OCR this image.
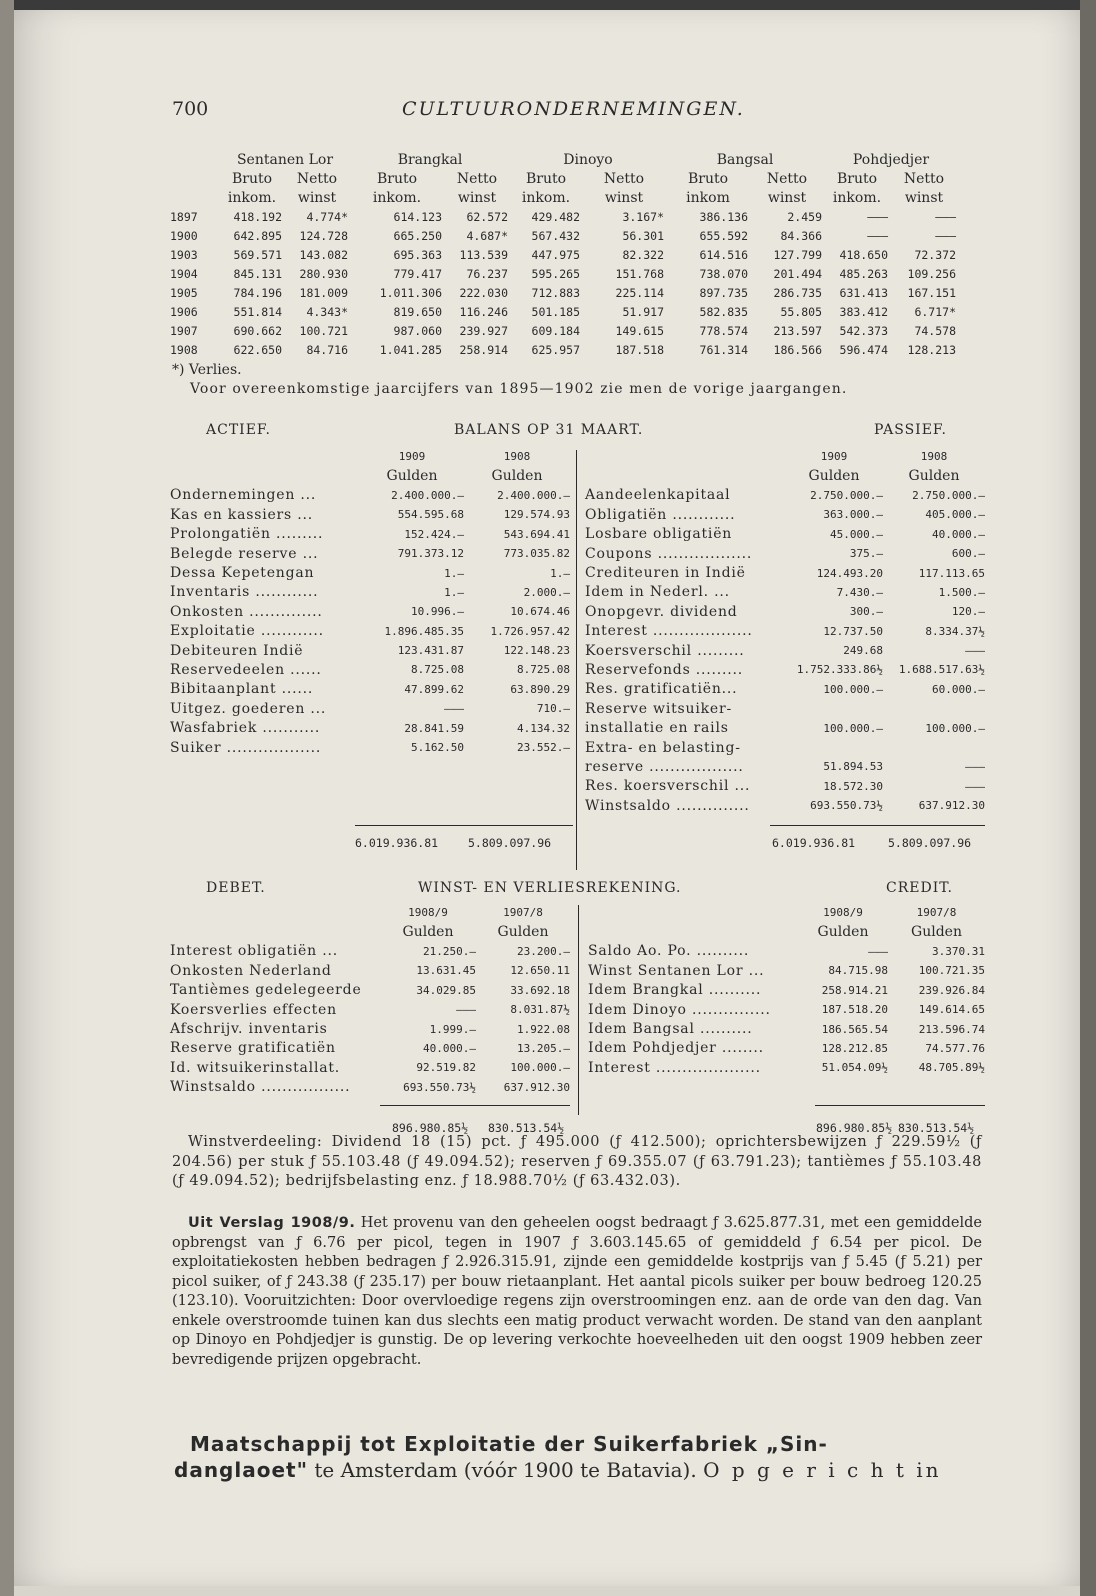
700	CULTUURONDERNEMINGEN.
	Sentanen Lor		Brangkal		Dinoyo		Bangsal		Pohdjedjer	
	Bruto	Netto	Bruto	Netto	Bruto	Netto	Bruto	Netto	Bruto	Netto
	inkom.	winst	inkom.	winst	inkom.	winst	inkom	winst	inkom.	winst
1897	418.192	4.774*	614.123	62.572	429.482	3.167*	386.136	2.459	———	———
1900	642.895	124.728	665.250	4.687*	567.432	56.301	655.592	84.366	———	———
1903	569.571	143.082	695.363	113.539	447.975	82.322	614.516	127.799	418.650	72.372
1904	845.131	280.930	779.417	76.237	595.265	151.768	738.070	201.494	485.263	109.256
1905	784.196	181.009	1.011.306	222.030	712.883	225.114	897.735	286.735	631.413	167.151
1906	551.814	4.343*	819.650	116.246	501.185	51.917	582.835	55.805	383.412	6.717*
1907	690.662	100.721	987.060	239.927	609.184	149.615	778.574	213.597	542.373	74.578
1908	622.650	84.716	1.041.285	258.914	625.957	187.518	761.314	186.566	596.474	128.213
*) Verlies.
Voor overeenkomstige jaarcijfers van 1895—1902 zie men de vorige jaargangen.
ACTIEF.	BALANS OP 31 MAART.	PASSIEF.
	1909	1908
	Gulden	Gulden
Ondernemingen ...	2.400.000.—	2.400.000.—
Kas en kassiers ...	554.595.68	129.574.93
Prolongatiën .........	152.424.—	543.694.41
Belegde reserve ...	791.373.12	773.035.82
Dessa Kepetengan	1.—	1.—
Inventaris ............	1.—	2.000.—
Onkosten ..............	10.996.—	10.674.46
Exploitatie ............	1.896.485.35	1.726.957.42
Debiteuren Indië	123.431.87	122.148.23
Reservedeelen ......	8.725.08	8.725.08
Bibitaanplant ......	47.899.62	63.890.29
Uitgez. goederen ...	———	710.—
Wasfabriek ...........	28.841.59	4.134.32
Suiker ..................	5.162.50	23.552.—
	1909	1908
	Gulden	Gulden
Aandeelenkapitaal	2.750.000.—	2.750.000.—
Obligatiën ............	363.000.—	405.000.—
Losbare obligatiën	45.000.—	40.000.—
Coupons ..................	375.—	600.—
Crediteuren in Indië	124.493.20	117.113.65
Idem in Nederl. ...	7.430.—	1.500.—
Onopgevr. dividend	300.—	120.—
Interest ...................	12.737.50	8.334.37½
Koersverschil .........	249.68	———
Reservefonds .........	1.752.333.86½	1.688.517.63½
Res. gratificatiën...	100.000.—	60.000.—
Reserve witsuiker-		
installatie en rails	100.000.—	100.000.—
Extra- en belasting-		
reserve ..................	51.894.53	———
Res. koersverschil ...	18.572.30	———
Winstsaldo ..............	693.550.73½	637.912.30
6.019.936.81	5.809.097.96	6.019.936.81	5.809.097.96
DEBET.	WINST- EN VERLIESREKENING.	CREDIT.
	1908/9	1907/8
	Gulden	Gulden
Interest obligatiën ...	21.250.—	23.200.—
Onkosten Nederland	13.631.45	12.650.11
Tantièmes gedelegeerde	34.029.85	33.692.18
Koersverlies effecten	———	8.031.87½
Afschrijv. inventaris	1.999.—	1.922.08
Reserve gratificatiën	40.000.—	13.205.—
Id. witsuikerinstallat.	92.519.82	100.000.—
Winstsaldo .................	693.550.73½	637.912.30
	1908/9	1907/8
	Gulden	Gulden
Saldo Ao. Po. ..........	———	3.370.31
Winst Sentanen Lor ...	84.715.98	100.721.35
Idem Brangkal ..........	258.914.21	239.926.84
Idem Dinoyo ...............	187.518.20	149.614.65
Idem Bangsal ..........	186.565.54	213.596.74
Idem Pohdjedjer ........	128.212.85	74.577.76
Interest ....................	51.054.09½	48.705.89½
896.980.85½ 830.513.54½	896.980.85½ 830.513.54½
Winstverdeeling: Dividend 18 (15) pct. ƒ 495.000 (ƒ 412.500); oprichtersbewijzen ƒ 229.59½ (ƒ 204.56) per stuk ƒ 55.103.48 (ƒ 49.094.52); reserven ƒ 69.355.07 (ƒ 63.791.23); tantièmes ƒ 55.103.48 (ƒ 49.094.52); bedrijfsbelasting enz. ƒ 18.988.70½ (ƒ 63.432.03).
Uit Verslag 1908/9. Het provenu van den geheelen oogst bedraagt ƒ 3.625.877.31, met een gemiddelde opbrengst van ƒ 6.76 per picol, tegen in 1907 ƒ 3.603.145.65 of gemiddeld ƒ 6.54 per picol. De exploitatiekosten hebben bedragen ƒ 2.926.315.91, zijnde een gemiddelde kostprijs van ƒ 5.45 (ƒ 5.21) per picol suiker, of ƒ 243.38 (ƒ 235.17) per bouw rietaanplant. Het aantal picols suiker per bouw bedroeg 120.25 (123.10). Vooruitzichten: Door overvloedige regens zijn overstroomingen enz. aan de orde van den dag. Van enkele overstroomde tuinen kan dus slechts een matig product verwacht worden. De stand van den aanplant op Dinoyo en Pohdjedjer is gunstig. De op levering verkochte hoeveelheden uit den oogst 1909 hebben zeer bevredigende prijzen opgebracht.
Maatschappij tot Exploitatie der Suikerfabriek „Sin-
danglaoet" te Amsterdam (vóór 1900 te Batavia). O p g e r i c h t in
